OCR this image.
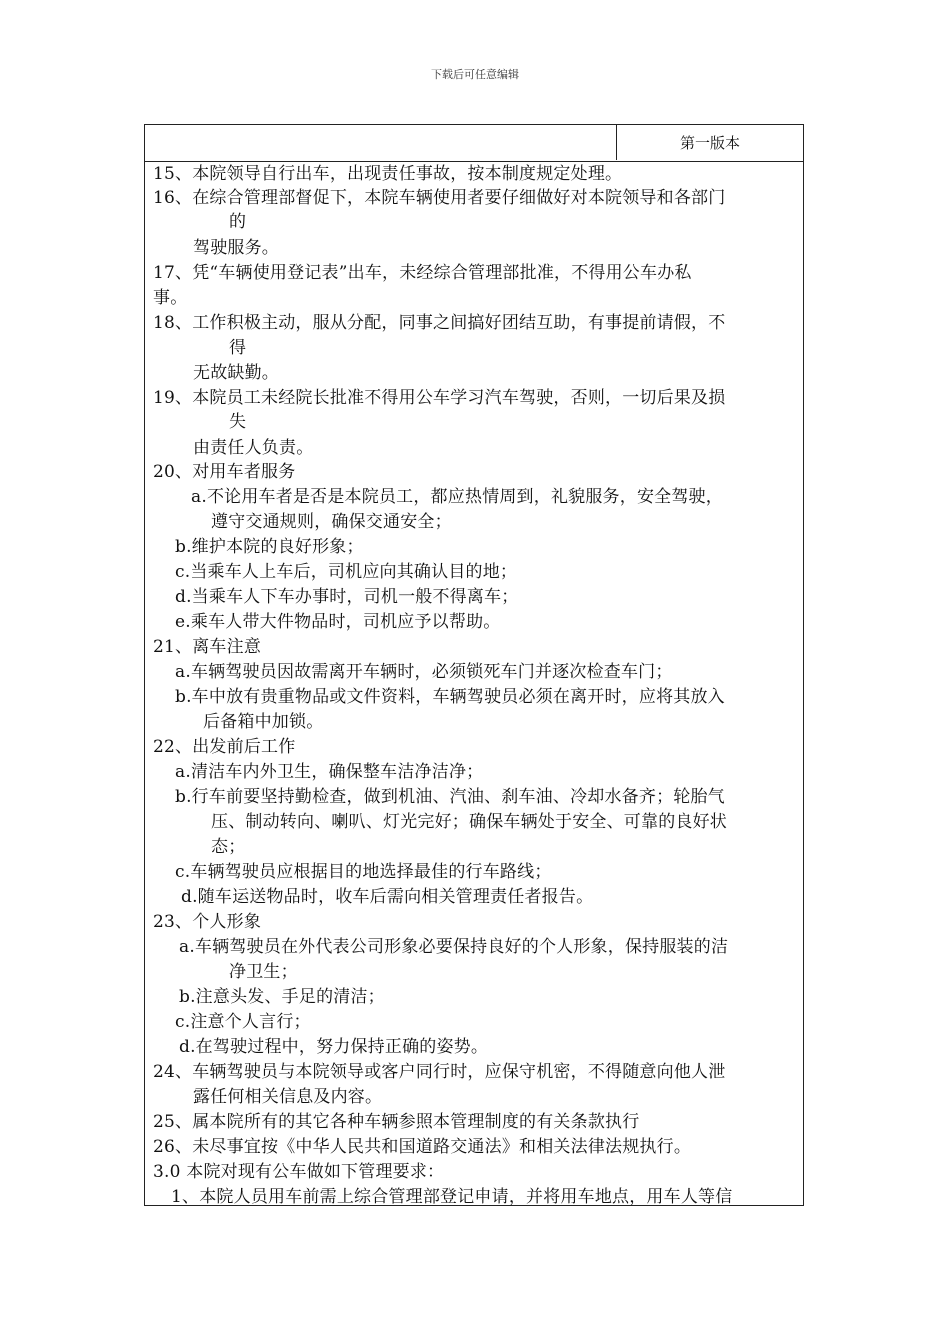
下载后可任意编辑
第一版本
15、本院领导自行出车，出现责任事故，按本制度规定处理。
16、在综合管理部督促下，本院车辆使用者要仔细做好对本院领导和各部门
的
驾驶服务。
17、凭“车辆使用登记表”出车，未经综合管理部批准，不得用公车办私
事。
18、工作积极主动，服从分配，同事之间搞好团结互助，有事提前请假，不
得
无故缺勤。
19、本院员工未经院长批准不得用公车学习汽车驾驶，否则，一切后果及损
失
由责任人负责。
20、对用车者服务
a.不论用车者是否是本院员工，都应热情周到，礼貌服务，安全驾驶，
遵守交通规则，确保交通安全；
b.维护本院的良好形象；
c.当乘车人上车后，司机应向其确认目的地；
d.当乘车人下车办事时，司机一般不得离车；
e.乘车人带大件物品时，司机应予以帮助。
21、离车注意
a.车辆驾驶员因故需离开车辆时，必须锁死车门并逐次检查车门；
b.车中放有贵重物品或文件资料，车辆驾驶员必须在离开时，应将其放入
后备箱中加锁。
22、出发前后工作
a.清洁车内外卫生，确保整车洁净洁净；
b.行车前要坚持勤检查，做到机油、汽油、刹车油、冷却水备齐；轮胎气
压、制动转向、喇叭、灯光完好；确保车辆处于安全、可靠的良好状
态；
c.车辆驾驶员应根据目的地选择最佳的行车路线；
d.随车运送物品时，收车后需向相关管理责任者报告。
23、个人形象
a.车辆驾驶员在外代表公司形象必要保持良好的个人形象，保持服装的洁
净卫生；
b.注意头发、手足的清洁；
c.注意个人言行；
d.在驾驶过程中，努力保持正确的姿势。
24、车辆驾驶员与本院领导或客户同行时，应保守机密，不得随意向他人泄
露任何相关信息及内容。
25、属本院所有的其它各种车辆参照本管理制度的有关条款执行
26、未尽事宜按《中华人民共和国道路交通法》和相关法律法规执行。
3.0 本院对现有公车做如下管理要求：
1、本院人员用车前需上综合管理部登记申请，并将用车地点，用车人等信
